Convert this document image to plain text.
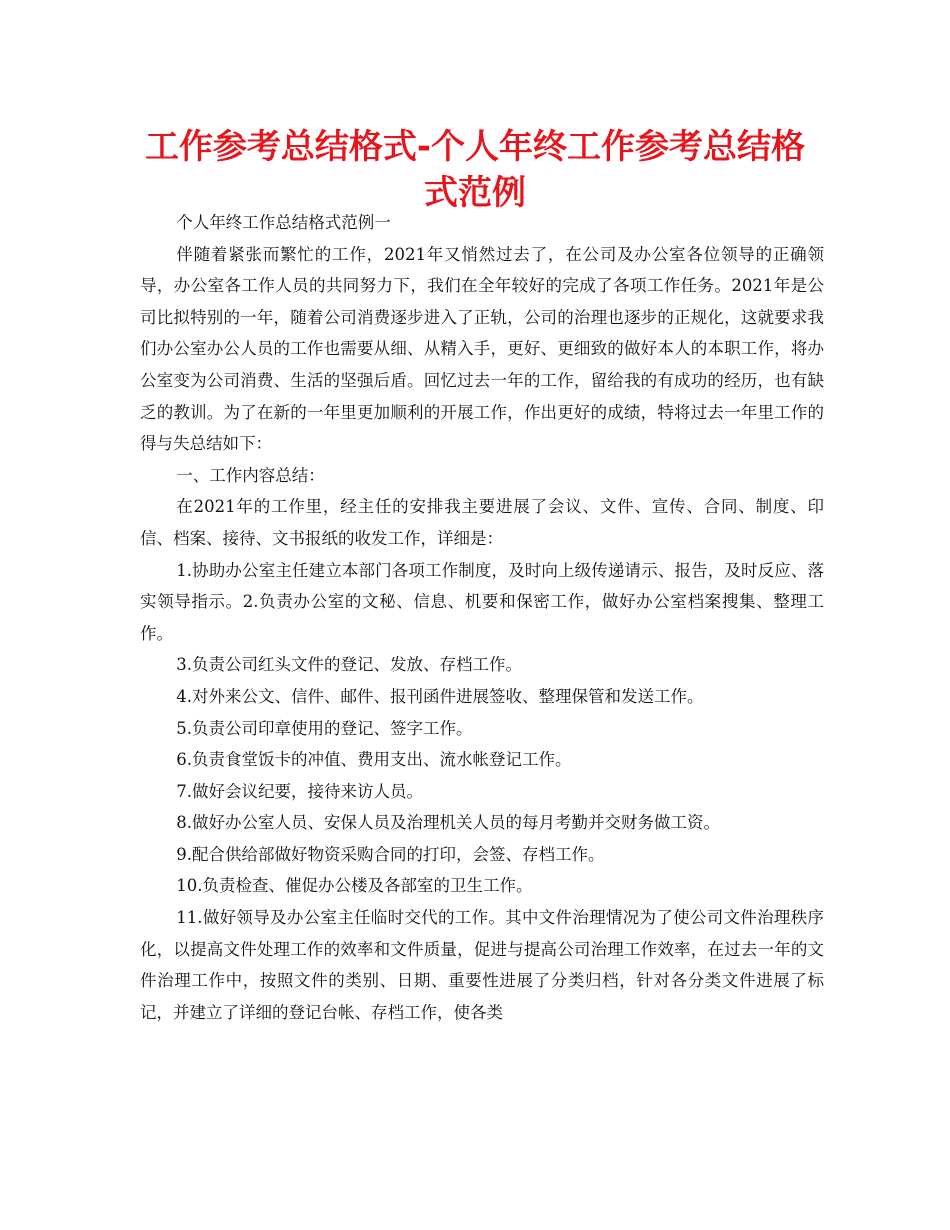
工作参考总结格式-个人年终工作参考总结格式范例

个人年终工作总结格式范例一

伴随着紧张而繁忙的工作，2021年又悄然过去了，在公司及办公室各位领导的正确领导，办公室各工作人员的共同努力下，我们在全年较好的完成了各项工作任务。2021年是公司比拟特别的一年，随着公司消费逐步进入了正轨，公司的治理也逐步的正规化，这就要求我们办公室办公人员的工作也需要从细、从精入手，更好、更细致的做好本人的本职工作，将办公室变为公司消费、生活的坚强后盾。回忆过去一年的工作，留给我的有成功的经历，也有缺乏的教训。为了在新的一年里更加顺利的开展工作，作出更好的成绩，特将过去一年里工作的得与失总结如下：

一、工作内容总结：

在2021年的工作里，经主任的安排我主要进展了会议、文件、宣传、合同、制度、印信、档案、接待、文书报纸的收发工作，详细是：

1.协助办公室主任建立本部门各项工作制度，及时向上级传递请示、报告，及时反应、落实领导指示。2.负责办公室的文秘、信息、机要和保密工作，做好办公室档案搜集、整理工作。

3.负责公司红头文件的登记、发放、存档工作。

4.对外来公文、信件、邮件、报刊函件进展签收、整理保管和发送工作。

5.负责公司印章使用的登记、签字工作。

6.负责食堂饭卡的冲值、费用支出、流水帐登记工作。

7.做好会议纪要，接待来访人员。

8.做好办公室人员、安保人员及治理机关人员的每月考勤并交财务做工资。

9.配合供给部做好物资采购合同的打印，会签、存档工作。

10.负责检查、催促办公楼及各部室的卫生工作。

11.做好领导及办公室主任临时交代的工作。其中文件治理情况为了使公司文件治理秩序化，以提高文件处理工作的效率和文件质量，促进与提高公司治理工作效率，在过去一年的文件治理工作中，按照文件的类别、日期、重要性进展了分类归档，针对各分类文件进展了标记，并建立了详细的登记台帐、存档工作，使各类
